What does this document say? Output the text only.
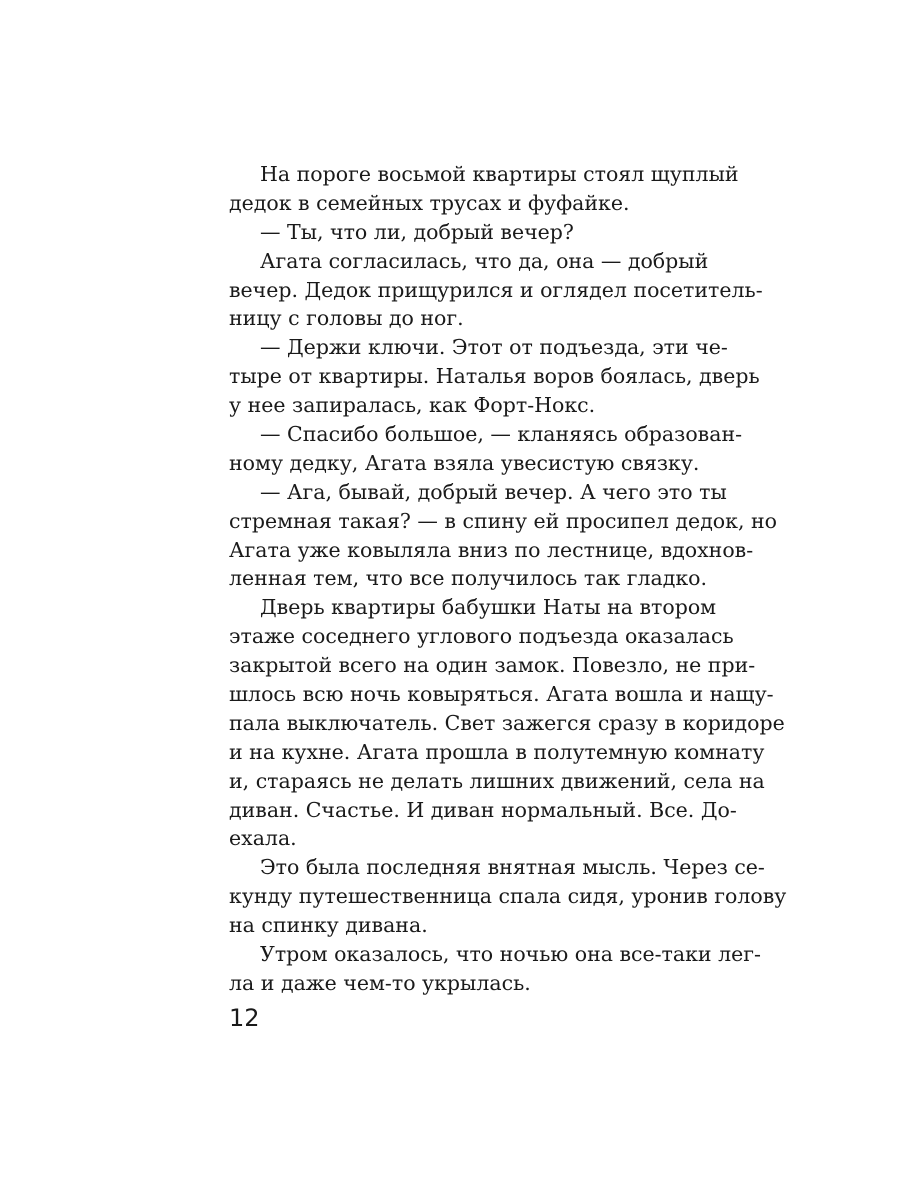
На пороге восьмой квартиры стоял щуплый
дедок в семейных трусах и фуфайке.
— Ты, что ли, добрый вечер?
Агата согласилась, что да, она — добрый
вечер. Дедок прищурился и оглядел посетитель-
ницу с головы до ног.
— Держи ключи. Этот от подъезда, эти че-
тыре от квартиры. Наталья воров боялась, дверь
у нее запиралась, как Форт-Нокс.
— Спасибо большое, — кланяясь образован-
ному дедку, Агата взяла увесистую связку.
— Ага, бывай, добрый вечер. А чего это ты
стремная такая? — в спину ей просипел дедок, но
Агата уже ковыляла вниз по лестнице, вдохнов-
ленная тем, что все получилось так гладко.
Дверь квартиры бабушки Наты на втором
этаже соседнего углового подъезда оказалась
закрытой всего на один замок. Повезло, не при-
шлось всю ночь ковыряться. Агата вошла и нащу-
пала выключатель. Свет зажегся сразу в коридоре
и на кухне. Агата прошла в полутемную комнату
и, стараясь не делать лишних движений, села на
диван. Счастье. И диван нормальный. Все. До-
ехала.
Это была последняя внятная мысль. Через се-
кунду путешественница спала сидя, уронив голову
на спинку дивана.
Утром оказалось, что ночью она все-таки лег-
ла и даже чем-то укрылась.
12
